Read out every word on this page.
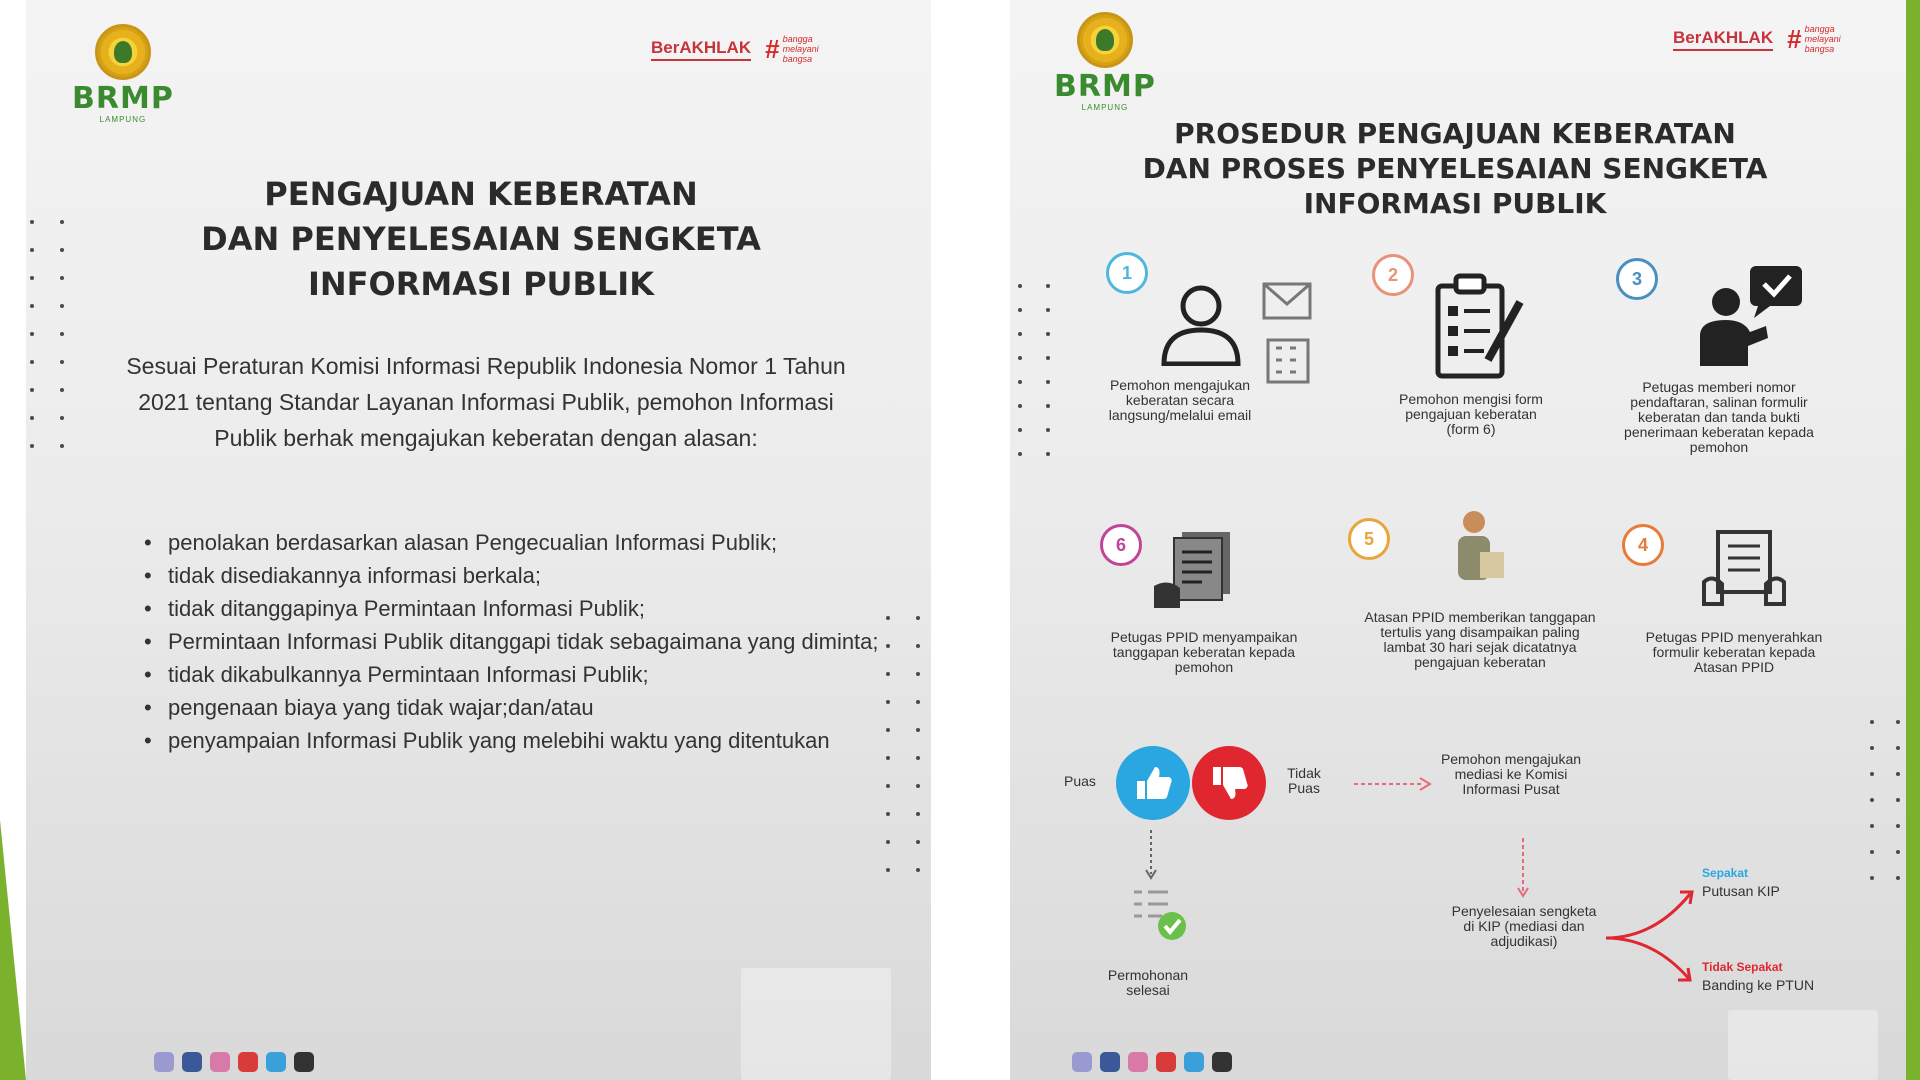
BRMP
LAMPUNG
BerAKHLAK # bangga
melayani
bangsa
PENGAJUAN KEBERATAN
DAN PENYELESAIAN SENGKETA
INFORMASI PUBLIK

Sesuai Peraturan Komisi Informasi Republik Indonesia Nomor 1 Tahun 2021 tentang Standar Layanan Informasi Publik, pemohon Informasi Publik berhak mengajukan keberatan dengan alasan:

• penolakan berdasarkan alasan Pengecualian Informasi Publik;
• tidak disediakannya informasi berkala;
• tidak ditanggapinya Permintaan Informasi Publik;
• Permintaan Informasi Publik ditanggapi tidak sebagaimana yang diminta;
• tidak dikabulkannya Permintaan Informasi Publik;
• pengenaan biaya yang tidak wajar;dan/atau
• penyampaian Informasi Publik yang melebihi waktu yang ditentukan
BRMP
LAMPUNG
BerAKHLAK # bangga
melayani
bangsa
PROSEDUR PENGAJUAN KEBERATAN
DAN PROSES PENYELESAIAN SENGKETA
INFORMASI PUBLIK
1
Pemohon mengajukan keberatan secara langsung/melalui email
2
Pemohon mengisi form pengajuan keberatan (form 6)
3
Petugas memberi nomor pendaftaran, salinan formulir keberatan dan tanda bukti penerimaan keberatan kepada pemohon
6
Petugas PPID menyampaikan tanggapan keberatan kepada pemohon
5
Atasan PPID memberikan tanggapan tertulis yang disampaikan paling lambat 30 hari sejak dicatatnya pengajuan keberatan
4
Petugas PPID menyerahkan formulir keberatan kepada Atasan PPID
Puas	Tidak Puas
Pemohon mengajukan mediasi ke Komisi Informasi Pusat
Permohonan selesai
Penyelesaian sengketa di KIP (mediasi dan adjudikasi)
Sepakat
Putusan KIP
Tidak Sepakat
Banding ke PTUN
